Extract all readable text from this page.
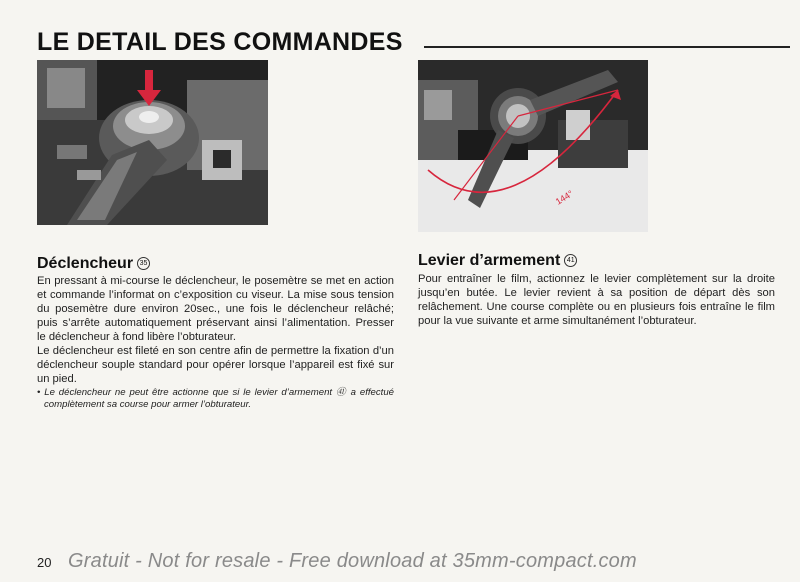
LE DETAIL DES COMMANDES
144°
Déclencheur 35

En pressant à mi-course le déclencheur, le posemètre se met en action et commande l’informat on c’exposition cu viseur. La mise sous tension du posemètre dure environ 20sec., une fois le déclencheur relâché; puis s’arrête automatiquement préservant ainsi l’alimentation. Presser le déclencheur à fond libère l’obturateur.

Le déclencheur est fileté en son centre afin de permettre la fixation d’un déclencheur souple standard pour opérer lorsque l’appareil est fixé sur un pied.

• Le déclencheur ne peut être actionne que si le levier d’armement ㊶ a effectué complètement sa course pour armer l’obturateur.

Levier d’armement 41

Pour entraîner le film, actionnez le levier complètement sur la droite jusqu’en butée. Le levier revient à sa position de départ dès son relâchement. Une course complète ou en plusieurs fois entraîne le film pour la vue suivante et arme simultanément l’obturateur.

20 Gratuit - Not for resale - Free download at 35mm-compact.com
